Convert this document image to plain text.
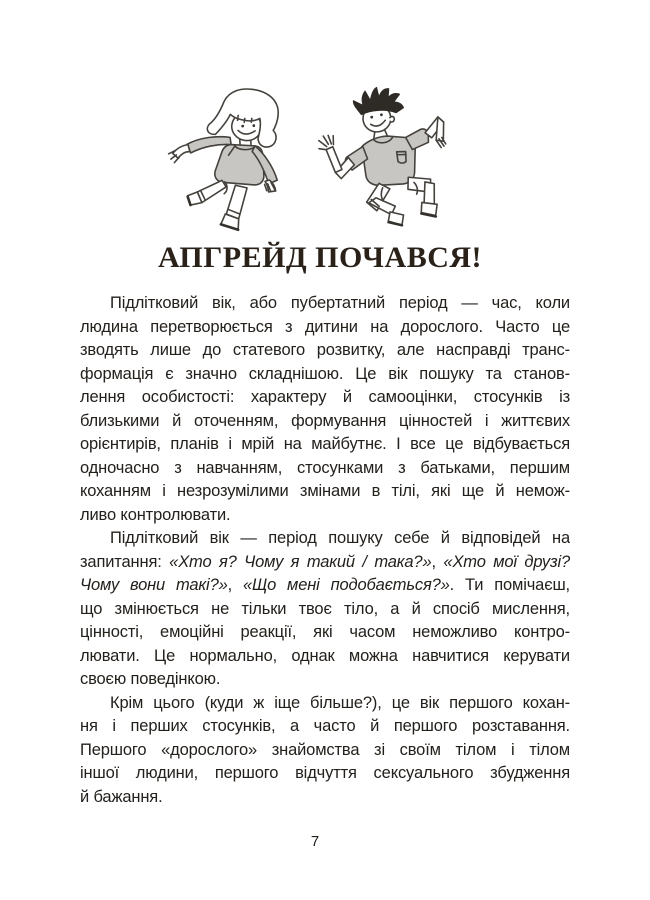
АПГРЕЙД ПОЧАВСЯ!
Підлітковий вік, або пубертатний період — час, коли
людина перетворюється з дитини на дорослого. Часто це
зводять лише до статевого розвитку, але насправді транс-
формація є значно складнішою. Це вік пошуку та станов-
лення особистості: характеру й самооцінки, стосунків із
близькими й оточенням, формування цінностей і життєвих
орієнтирів, планів і мрій на майбутнє. І все це відбувається
одночасно з навчанням, стосунками з батьками, першим
коханням і незрозумілими змінами в тілі, які ще й немож-
ливо контролювати.
Підлітковий вік — період пошуку себе й відповідей на
запитання: «Хто я? Чому я такий / така?», «Хто мої друзі?
Чому вони такі?», «Що мені подобається?». Ти помічаєш,
що змінюється не тільки твоє тіло, а й спосіб мислення,
цінності, емоційні реакції, які часом неможливо контро-
лювати. Це нормально, однак можна навчитися керувати
своєю поведінкою.
Крім цього (куди ж іще більше?), це вік першого кохан-
ня і перших стосунків, а часто й першого розставання.
Першого «дорослого» знайомства зі своїм тілом і тілом
іншої людини, першого відчуття сексуального збудження
й бажання.
7
